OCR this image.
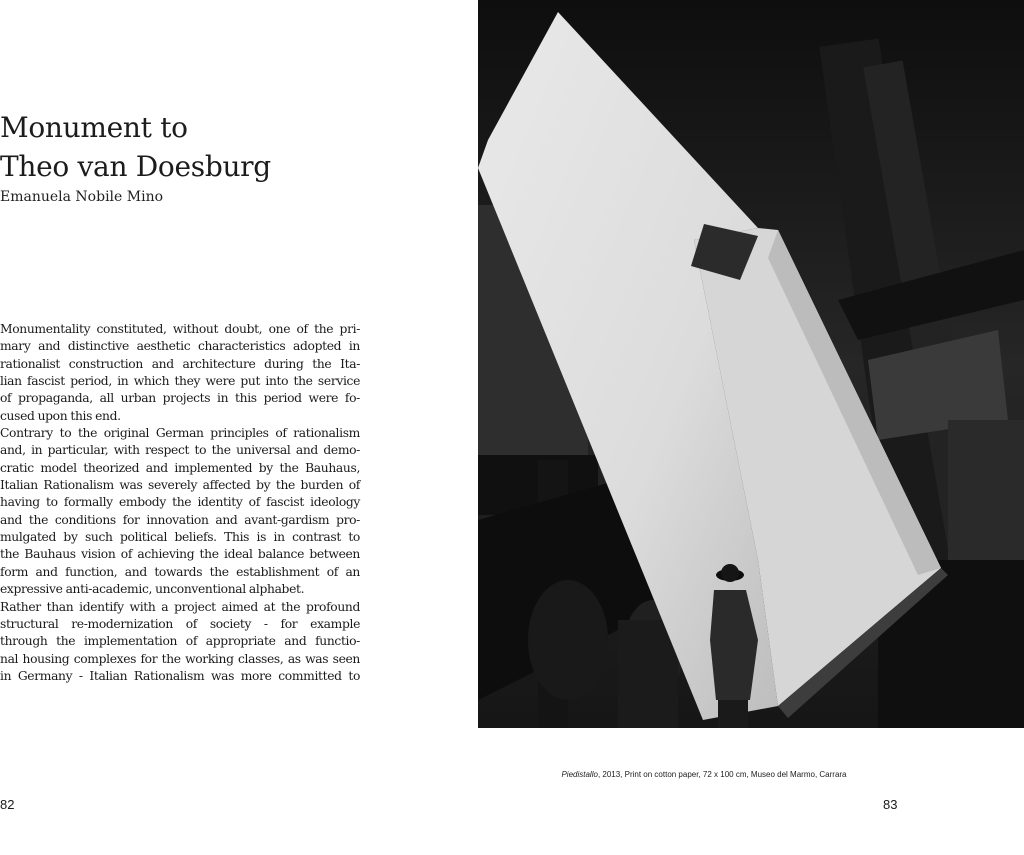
Monument to
Theo van Doesburg
Emanuela Nobile Mino
Monumentality constituted, without doubt, one of the pri-
mary and distinctive aesthetic characteristics adopted in
rationalist construction and architecture during the Ita-
lian fascist period, in which they were put into the service
of propaganda, all urban projects in this period were fo-
cused upon this end.
Contrary to the original German principles of rationalism
and, in particular, with respect to the universal and demo-
cratic model theorized and implemented by the Bauhaus,
Italian Rationalism was severely affected by the burden of
having to formally embody the identity of fascist ideology
and the conditions for innovation and avant-gardism pro-
mulgated by such political beliefs. This is in contrast to
the Bauhaus vision of achieving the ideal balance between
form and function, and towards the establishment of an
expressive anti-academic, unconventional alphabet.
Rather than identify with a project aimed at the profound
structural re-modernization of society - for example
through the implementation of appropriate and functio-
nal housing complexes for the working classes, as was seen
in Germany - Italian Rationalism was more committed to
Piedistallo, 2013, Print on cotton paper, 72 x 100 cm, Museo del Marmo, Carrara
82	83
